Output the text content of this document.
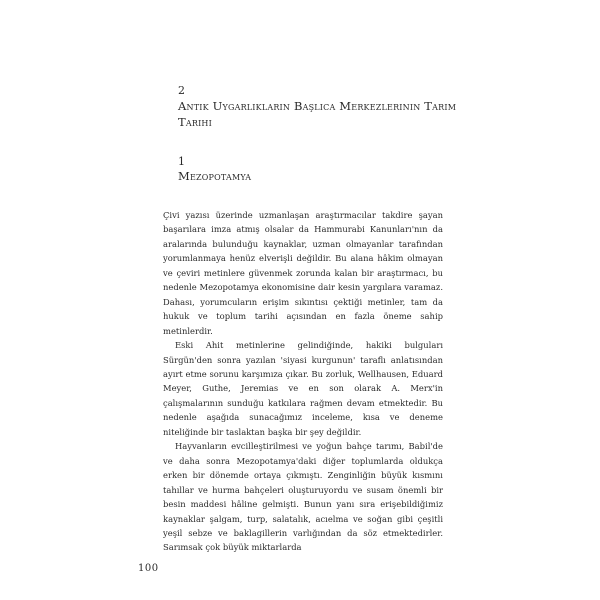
2
Antik Uygarlıkların Başlıca Merkezlerinin Tarım Tarihi
1
Mezopotamya

Çivi yazısı üzerinde uzmanlaşan araştırmacılar takdire şayan başarılara imza atmış olsalar da Hammurabi Kanunları'nın da aralarında bulunduğu kaynaklar, uzman olmayanlar tarafından yorumlanmaya henüz elverişli değildir. Bu alana hâkim olmayan ve çeviri metinlere güvenmek zorunda kalan bir araştırmacı, bu nedenle Mezopotamya ekonomisine dair kesin yargılara varamaz. Dahası, yorumcuların erişim sıkıntısı çektiği metinler, tam da hukuk ve toplum tarihi açısından en fazla öneme sahip metinlerdir.

Eski Ahit metinlerine gelindiğinde, hakiki bulguları Sürgün'den sonra yazılan 'siyasi kurgunun' taraflı anlatısından ayırt etme sorunu karşımıza çıkar. Bu zorluk, Wellhausen, Eduard Meyer, Guthe, Jeremias ve en son olarak A. Merx'in çalışmalarının sunduğu katkılara rağmen devam etmektedir. Bu nedenle aşağıda sunacağımız inceleme, kısa ve deneme niteliğinde bir taslaktan başka bir şey değildir.

Hayvanların evcilleştirilmesi ve yoğun bahçe tarımı, Babil'de ve daha sonra Mezopotamya'daki diğer toplumlarda oldukça erken bir dönemde ortaya çıkmıştı. Zenginliğin büyük kısmını tahıllar ve hurma bahçeleri oluşturuyordu ve susam önemli bir besin maddesi hâline gelmişti. Bunun yanı sıra erişebildiğimiz kaynaklar şalgam, turp, salatalık, acıelma ve soğan gibi çeşitli yeşil sebze ve baklagillerin varlığından da söz etmektedirler. Sarımsak çok büyük miktarlarda

100
